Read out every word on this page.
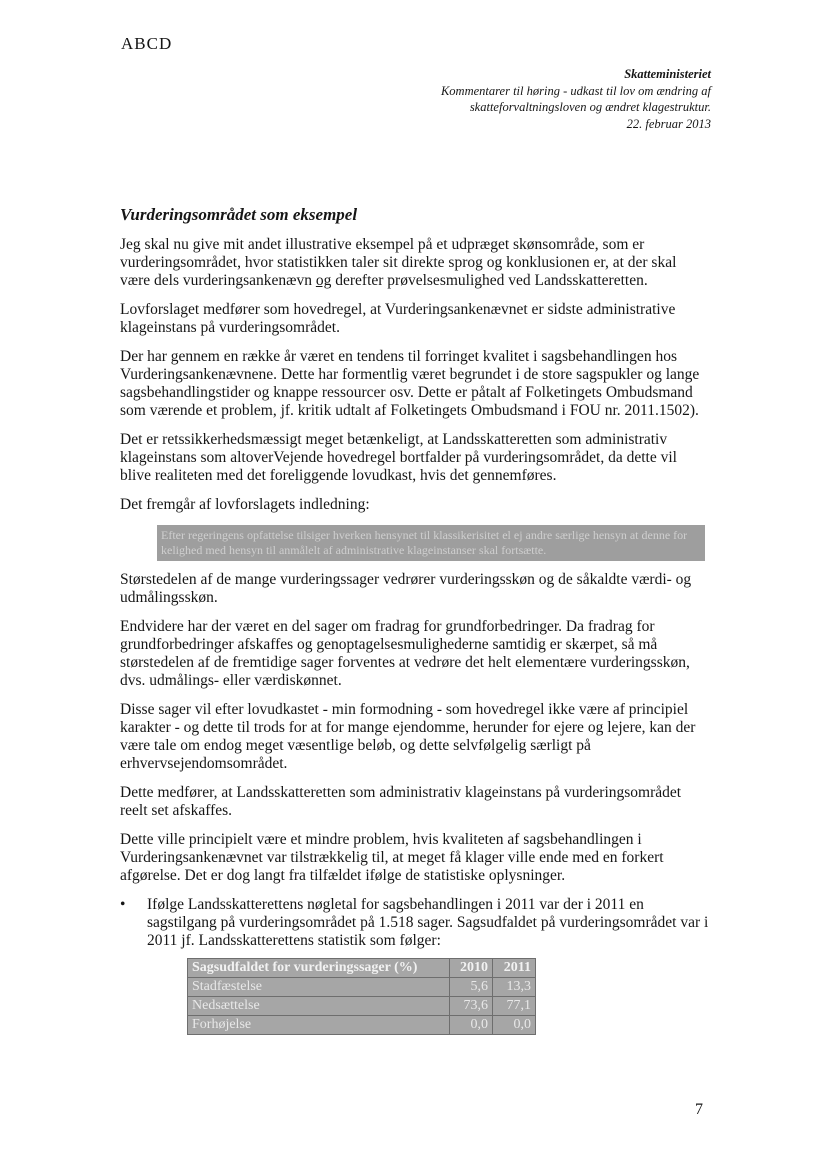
ABCD
Skatteministeriet
Kommentarer til høring - udkast til lov om ændring af
skatteforvaltningsloven og ændret klagestruktur.
22. februar 2013
Vurderingsområdet som eksempel

Jeg skal nu give mit andet illustrative eksempel på et udpræget skønsområde, som er vurderingsområdet, hvor statistikken taler sit direkte sprog og konklusionen er, at der skal være dels vurderingsankenævn og derefter prøvelsesmulighed ved Landsskatteretten.

Lovforslaget medfører som hovedregel, at Vurderingsankenævnet er sidste administrative klageinstans på vurderingsområdet.

Der har gennem en række år været en tendens til forringet kvalitet i sagsbehandlingen hos Vurderingsankenævnene. Dette har formentlig været begrundet i de store sagspukler og lange sagsbehandlingstider og knappe ressourcer osv. Dette er påtalt af Folketingets Ombudsmand som værende et problem, jf. kritik udtalt af Folketingets Ombudsmand i FOU nr. 2011.1502).

Det er retssikkerhedsmæssigt meget betænkeligt, at Landsskatteretten som administrativ klageinstans som altoverVejende hovedregel bortfalder på vurderingsområdet, da dette vil blive realiteten med det foreliggende lovudkast, hvis det gennemføres.

Det fremgår af lovforslagets indledning:

Efter regeringens opfattelse tilsiger hverken hensynet til klassikerisitet el ej andre særlige hensyn at denne for kelighed med hensyn til anmålelt af administrative klageinstanser skal fortsætte.

Størstedelen af de mange vurderingssager vedrører vurderingsskøn og de såkaldte værdi- og udmålingsskøn.

Endvidere har der været en del sager om fradrag for grundforbedringer. Da fradrag for grundforbedringer afskaffes og genoptagelsesmulighederne samtidig er skærpet, så må størstedelen af de fremtidige sager forventes at vedrøre det helt elementære vurderingsskøn, dvs. udmålings- eller værdiskønnet.

Disse sager vil efter lovudkastet - min formodning - som hovedregel ikke være af principiel karakter - og dette til trods for at for mange ejendomme, herunder for ejere og lejere, kan der være tale om endog meget væsentlige beløb, og dette selvfølgelig særligt på erhvervsejendomsområdet.

Dette medfører, at Landsskatteretten som administrativ klageinstans på vurderingsområdet reelt set afskaffes.

Dette ville principielt være et mindre problem, hvis kvaliteten af sagsbehandlingen i Vurderingsankenævnet var tilstrækkelig til, at meget få klager ville ende med en forkert afgørelse. Det er dog langt fra tilfældet ifølge de statistiske oplysninger.

• Ifølge Landsskatterettens nøgletal for sagsbehandlingen i 2011 var der i 2011 en sagstilgang på vurderingsområdet på 1.518 sager. Sagsudfaldet på vurderingsområdet var i 2011 jf. Landsskatterettens statistik som følger:
Sagsudfaldet for vurderingssager (%)	2010	2011
Stadfæstelse	5,6	13,3
Nedsættelse	73,6	77,1
Forhøjelse	0,0	0,0
7
